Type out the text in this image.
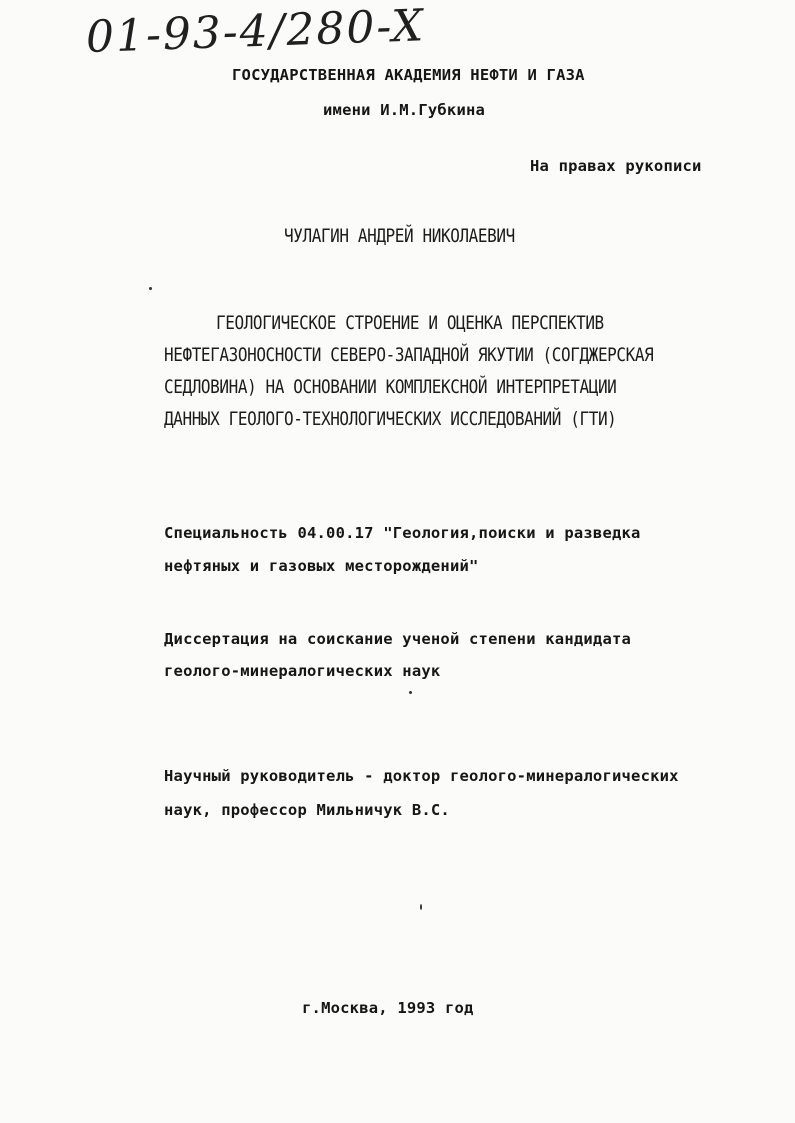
01-93-4/280-X
ГОСУДАРСТВЕННАЯ АКАДЕМИЯ НЕФТИ И ГАЗА
имени И.М.Губкина
На правах рукописи
ЧУЛАГИН АНДРЕЙ НИКОЛАЕВИЧ
ГЕОЛОГИЧЕСКОЕ СТРОЕНИЕ И ОЦЕНКА ПЕРСПЕКТИВ
НЕФТЕГАЗОНОСНОСТИ СЕВЕРО-ЗАПАДНОЙ ЯКУТИИ (СОГДЖЕРСКАЯ
СЕДЛОВИНА) НА ОСНОВАНИИ КОМПЛЕКСНОЙ ИНТЕРПРЕТАЦИИ
ДАННЫХ ГЕОЛОГО-ТЕХНОЛОГИЧЕСКИХ ИССЛЕДОВАНИЙ (ГТИ)
Специальность 04.00.17 "Геология,поиски и разведка
нефтяных и газовых месторождений"
Диссертация на соискание ученой степени кандидата
геолого-минералогических наук
Научный руководитель - доктор геолого-минералогических
наук, профессор Мильничук В.С.
г.Москва, 1993 год
